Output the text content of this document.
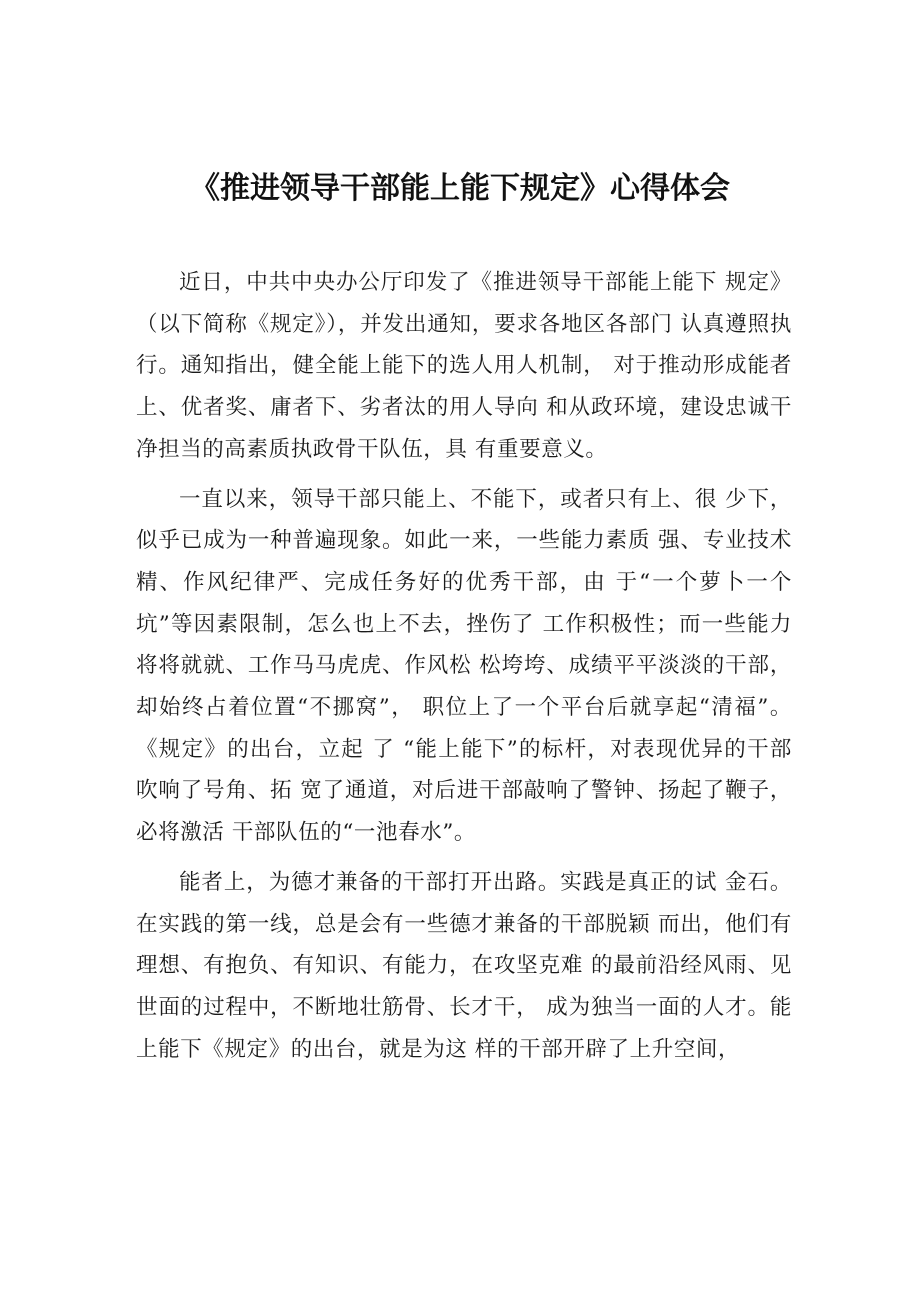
《推进领导干部能上能下规定》心得体会

近日，中共中央办公厅印发了《推进领导干部能上能下 规定》（以下简称《规定》），并发出通知，要求各地区各部门 认真遵照执行。通知指出，健全能上能下的选人用人机制， 对于推动形成能者上、优者奖、庸者下、劣者汰的用人导向 和从政环境，建设忠诚干净担当的高素质执政骨干队伍，具 有重要意义。

一直以来，领导干部只能上、不能下，或者只有上、很 少下，似乎已成为一种普遍现象。如此一来，一些能力素质 强、专业技术精、作风纪律严、完成任务好的优秀干部，由 于“一个萝卜一个坑”等因素限制，怎么也上不去，挫伤了 工作积极性；而一些能力将将就就、工作马马虎虎、作风松 松垮垮、成绩平平淡淡的干部，却始终占着位置“不挪窝”， 职位上了一个平台后就享起“清福”。《规定》的出台，立起 了 “能上能下”的标杆，对表现优异的干部吹响了号角、拓 宽了通道，对后进干部敲响了警钟、扬起了鞭子，必将激活 干部队伍的“一池春水”。

能者上，为德才兼备的干部打开出路。实践是真正的试 金石。在实践的第一线，总是会有一些德才兼备的干部脱颖 而出，他们有理想、有抱负、有知识、有能力，在攻坚克难 的最前沿经风雨、见世面的过程中，不断地壮筋骨、长才干， 成为独当一面的人才。能上能下《规定》的出台，就是为这 样的干部开辟了上升空间，
